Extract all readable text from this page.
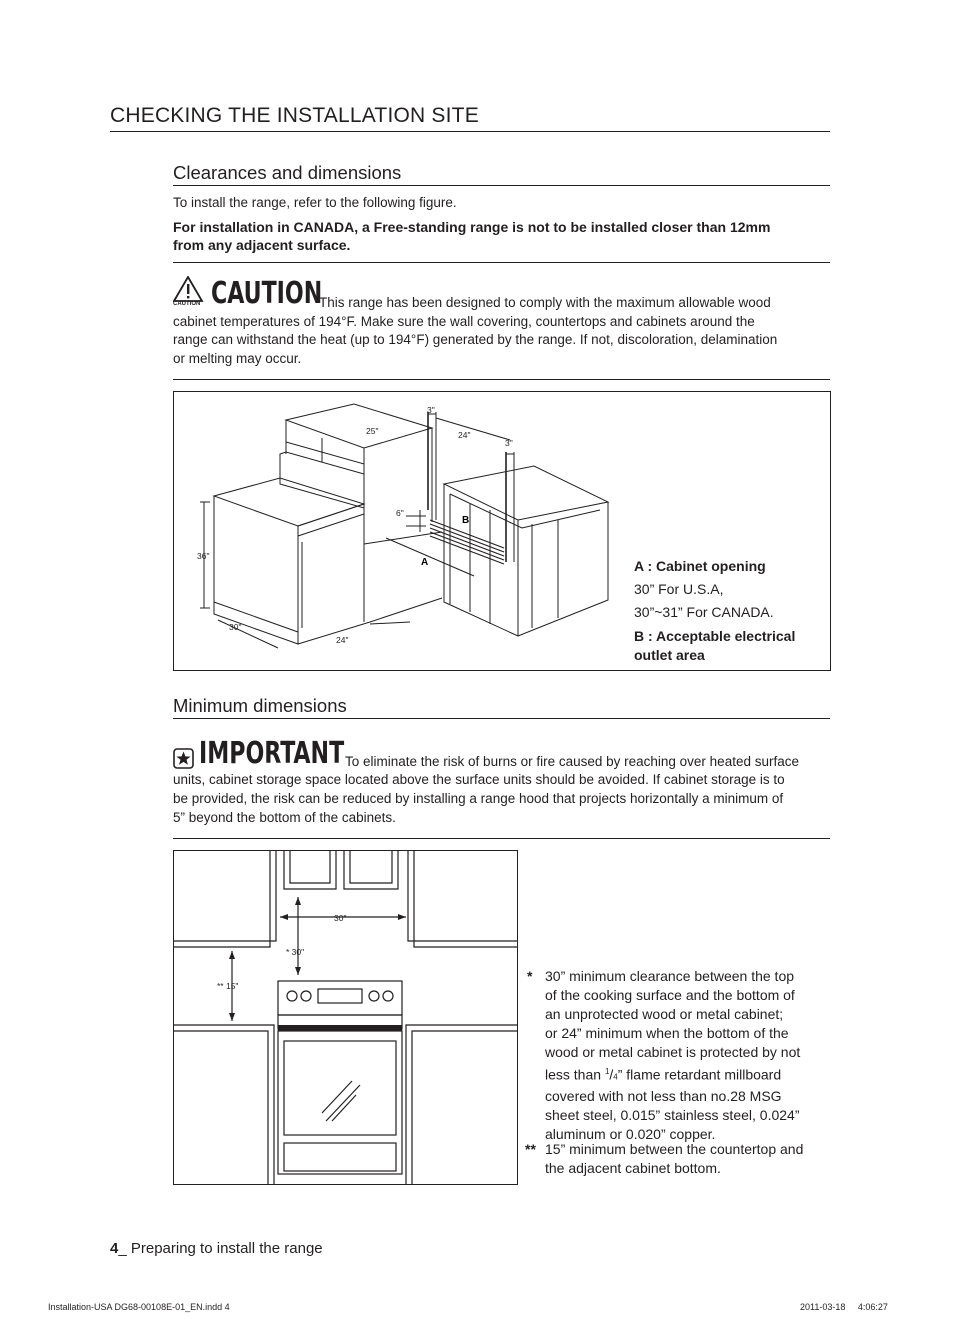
CHECKING THE INSTALLATION SITE
Clearances and dimensions
To install the range, refer to the following figure.
For installation in CANADA, a Free-standing range is not to be installed closer than 12mm
from any adjacent surface.
CAUTION CAUTION
This range has been designed to comply with the maximum allowable wood
cabinet temperatures of 194°F. Make sure the wall covering, countertops and cabinets around the
range can withstand the heat (up to 194°F) generated by the range. If not, discoloration, delamination
or melting may occur.
3"
25"	24"
3"
6"
36"
30"
24"
A
B
A : Cabinet opening
30” For U.S.A,
30”~31” For CANADA.
B : Acceptable electrical
outlet area
Minimum dimensions
IMPORTANT To eliminate the risk of burns or fire caused by reaching over heated surface
units, cabinet storage space located above the surface units should be avoided. If cabinet storage is to
be provided, the risk can be reduced by installing a range hood that projects horizontally a minimum of
5” beyond the bottom of the cabinets.
30"
* 30"
** 15"
* 30” minimum clearance between the top
of the cooking surface and the bottom of
an unprotected wood or metal cabinet;
or 24” minimum when the bottom of the
wood or metal cabinet is protected by not
less than $^1$/4” flame retardant millboard
covered with not less than no.28 MSG
sheet steel, 0.015” stainless steel, 0.024”
aluminum or 0.020” copper.
** 15” minimum between the countertop and
the adjacent cabinet bottom.
4_ Preparing to install the range
Installation-USA DG68-00108E-01_EN.indd 4	2011-03-18     4:06:27
